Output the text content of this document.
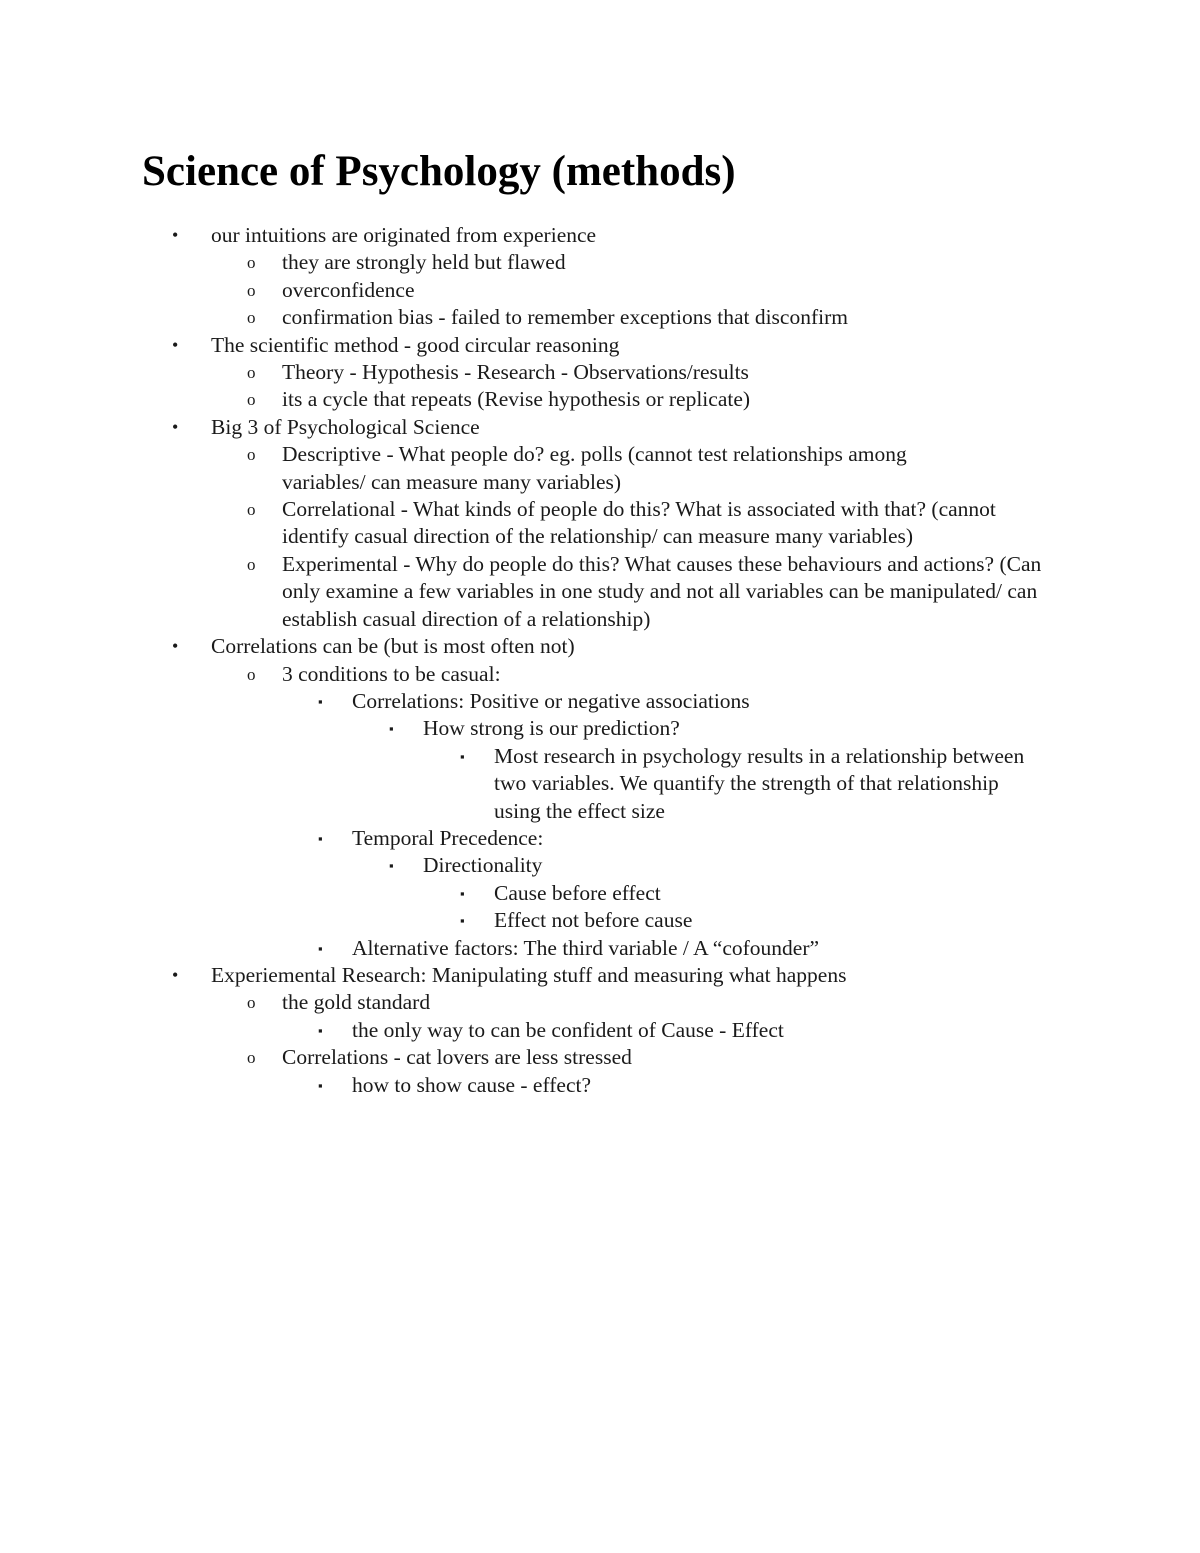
Science of Psychology (methods)
•	our intuitions are originated from experience
o	they are strongly held but flawed
o	overconfidence
o	confirmation bias - failed to remember exceptions that disconfirm
•	The scientific method - good circular reasoning
o	Theory - Hypothesis - Research - Observations/results
o	its a cycle that repeats (Revise hypothesis or replicate)
•	Big 3 of Psychological Science
o	Descriptive - What people do? eg. polls (cannot test relationships among variables/ can measure many variables)
o	Correlational - What kinds of people do this? What is associated with that? (cannot identify casual direction of the relationship/ can measure many variables)
o	Experimental - Why do people do this? What causes these behaviours and actions? (Can only examine a few variables in one study and not all variables can be manipulated/ can establish casual direction of a relationship)
•	Correlations can be (but is most often not)
o	3 conditions to be casual:
▪	Correlations: Positive or negative associations
▪	How strong is our prediction?
▪	Most research in psychology results in a relationship between two variables. We quantify the strength of that relationship using the effect size
▪	Temporal Precedence:
▪	Directionality
▪	Cause before effect
▪	Effect not before cause
▪	Alternative factors: The third variable / A “cofounder”
•	Experiemental Research: Manipulating stuff and measuring what happens
o	the gold standard
▪	the only way to can be confident of Cause - Effect
o	Correlations - cat lovers are less stressed
▪	how to show cause - effect?
